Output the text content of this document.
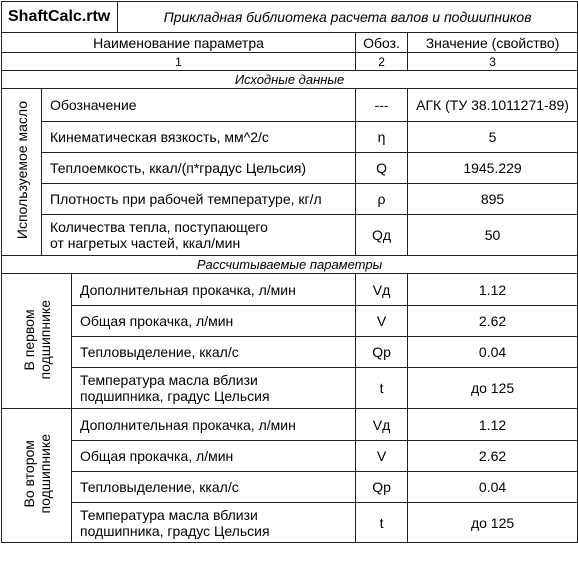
ShaftCalc.rtw			Прикладная библиотека расчета валов и подшипников		
Наименование параметра				Обоз.	Значение (свойство)
1				2	3
Исходные данные					
Используемое масло	Обозначение			---	АГК (ТУ 38.1011271-89)
	Кинематическая вязкость, мм^2/с			η	5
	Теплоемкость, ккал/(п*градус Цельсия)			Q	1945.229
	Плотность при рабочей температуре, кг/л			ρ	895

	Количества тепла, поступающего
от нагретых частей, ккал/мин			Qд	50
Рассчитываемые параметры					
В первом
подшипнике		Дополнительная прокачка, л/мин		Vд	1.12
		Общая прокачка, л/мин		V	2.62
		Тепловыделение, ккал/с		Qр	0.04

		Температура масла вблизи
подшипника, градус Цельсия		t	до 125
Во втором
подшипнике		Дополнительная прокачка, л/мин		Vд	1.12
		Общая прокачка, л/мин		V	2.62
		Тепловыделение, ккал/с		Qр	0.04

		Температура масла вблизи
подшипника, градус Цельсия		t	до 125
